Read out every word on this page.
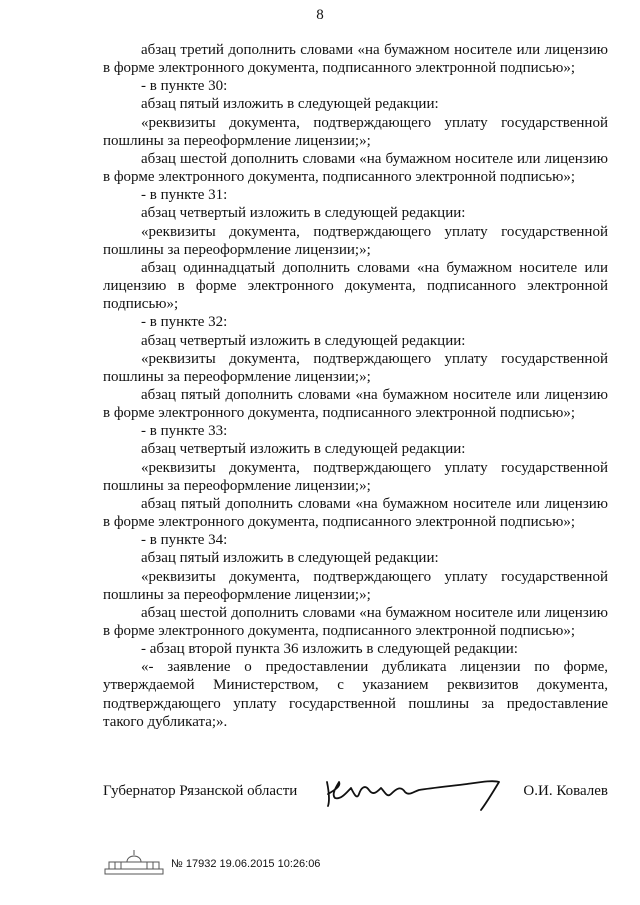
8

абзац третий дополнить словами «на бумажном носителе или лицензию в форме электронного документа, подписанного электронной подписью»;

- в пункте 30:

абзац пятый изложить в следующей редакции:

«реквизиты документа, подтверждающего уплату государственной пошлины за переоформление лицензии;»;

абзац шестой дополнить словами «на бумажном носителе или лицензию в форме электронного документа, подписанного электронной подписью»;

- в пункте 31:

абзац четвертый изложить в следующей редакции:

«реквизиты документа, подтверждающего уплату государственной пошлины за переоформление лицензии;»;

абзац одиннадцатый дополнить словами «на бумажном носителе или лицензию в форме электронного документа, подписанного электронной подписью»;

- в пункте 32:

абзац четвертый изложить в следующей редакции:

«реквизиты документа, подтверждающего уплату государственной пошлины за переоформление лицензии;»;

абзац пятый дополнить словами «на бумажном носителе или лицензию в форме электронного документа, подписанного электронной подписью»;

- в пункте 33:

абзац четвертый изложить в следующей редакции:

«реквизиты документа, подтверждающего уплату государственной пошлины за переоформление лицензии;»;

абзац пятый дополнить словами «на бумажном носителе или лицензию в форме электронного документа, подписанного электронной подписью»;

- в пункте 34:

абзац пятый изложить в следующей редакции:

«реквизиты документа, подтверждающего уплату государственной пошлины за переоформление лицензии;»;

абзац шестой дополнить словами «на бумажном носителе или лицензию в форме электронного документа, подписанного электронной подписью»;

- абзац второй пункта 36 изложить в следующей редакции:

«- заявление о предоставлении дубликата лицензии по форме, утверждаемой Министерством, с указанием реквизитов документа, подтверждающего уплату государственной пошлины за предоставление такого дубликата;».

Губернатор Рязанской области	О.И. Ковалев
№ 17932 19.06.2015 10:26:06
